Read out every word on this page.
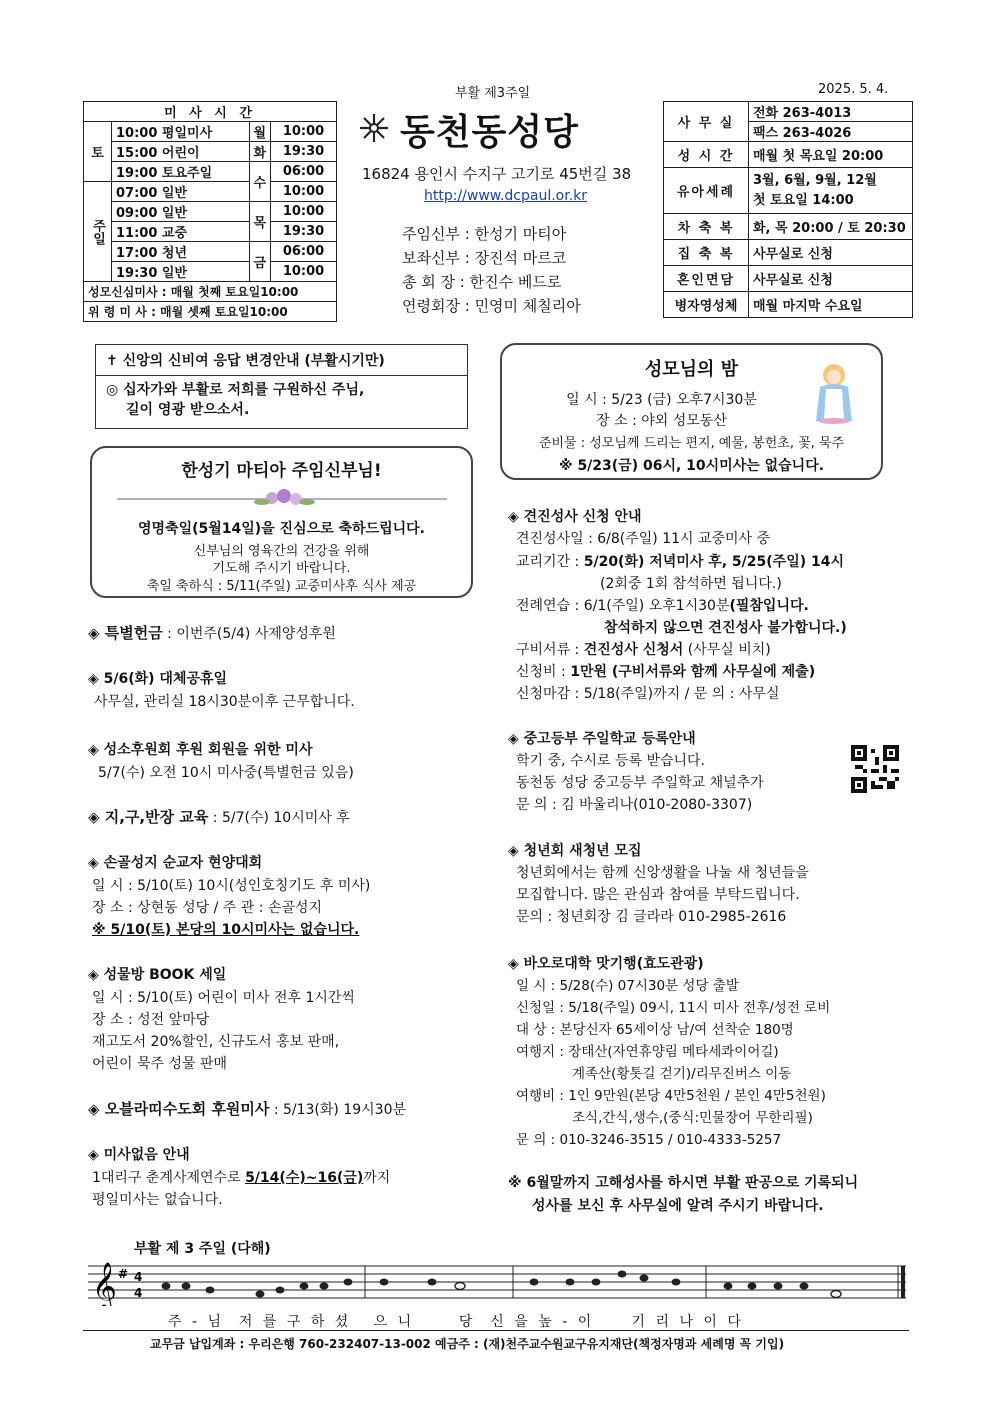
부활 제3주일	2025. 5. 4.
미 사 시 간			
토	10:00 평일미사	월	10:00
	15:00 어린이	화	19:30
	19:00 토요주일	수	06:00
주일	07:00 일반		10:00
	09:00 일반	목	10:00
	11:00 교중		19:30
	17:00 청년	금	06:00
	19:30 일반		10:00
성모신심미사 : 매월 첫째 토요일10:00			
위 령 미 사 : 매월 셋째 토요일10:00			
동천동성당
16824 용인시 수지구 고기로 45번길 38
http://www.dcpaul.or.kr
주임신부 : 한성기 마티아
보좌신부 : 장진석 마르코
총 회 장 : 한진수 베드로
연령회장 : 민영미 체칠리아
사 무 실	전화 263-4013
	팩스 263-4026
성 시 간	매월 첫 목요일 20:00
유아세례	3월, 6월, 9월, 12월
첫 토요일 14:00

차 축 복	화, 목 20:00 / 토 20:30
집 축 복	사무실로 신청
혼인면담	사무실로 신청
병자영성체	매월 마지막 수요일
✝ 신앙의 신비여 응답 변경안내 (부활시기만)
◎ 십자가와 부활로 저희를 구원하신 주님,
길이 영광 받으소서.
한성기 마티아 주임신부님!
영명축일(5월14일)을 진심으로 축하드립니다.
신부님의 영육간의 건강을 위해
기도해 주시기 바랍니다.
축일 축하식 : 5/11(주일) 교중미사후 식사 제공
성모님의 밤
일 시 : 5/23 (금) 오후7시30분
장 소 : 야외 성모동산
준비물 : 성모님께 드리는 편지, 예물, 봉헌초, 꽃, 묵주
※ 5/23(금) 06시, 10시미사는 없습니다.
◈ 특별헌금 : 이번주(5/4) 사제양성후원
◈ 5/6(화) 대체공휴일
사무실, 관리실 18시30분이후 근무합니다.
◈ 성소후원회 후원 회원을 위한 미사
5/7(수) 오전 10시 미사중(특별헌금 있음)
◈ 지,구,반장 교육 : 5/7(수) 10시미사 후
◈ 손골성지 순교자 현양대회
일 시 : 5/10(토) 10시(성인호칭기도 후 미사)
장 소 : 상현동 성당 / 주 관 : 손골성지
※ 5/10(토) 본당의 10시미사는 없습니다.
◈ 성물방 BOOK 세일
일 시 : 5/10(토) 어린이 미사 전후 1시간씩
장 소 : 성전 앞마당
재고도서 20%할인, 신규도서 홍보 판매,
어린이 묵주 성물 판매
◈ 오블라띠수도회 후원미사 : 5/13(화) 19시30분
◈ 미사없음 안내
1대리구 춘계사제연수로 5/14(수)~16(금)까지
평일미사는 없습니다.
◈ 견진성사 신청 안내
견진성사일 : 6/8(주일) 11시 교중미사 중
교리기간 : 5/20(화) 저녁미사 후, 5/25(주일) 14시
(2회중 1회 참석하면 됩니다.)
전례연습 : 6/1(주일) 오후1시30분(필참입니다.
참석하지 않으면 견진성사 불가합니다.)
구비서류 : 견진성사 신청서 (사무실 비치)
신청비 : 1만원 (구비서류와 함께 사무실에 제출)
신청마감 : 5/18(주일)까지 / 문 의 : 사무실
◈ 중고등부 주일학교 등록안내
학기 중, 수시로 등록 받습니다.
동천동 성당 중고등부 주일학교 채널추가
문 의 : 김 바울리나(010-2080-3307)
◈ 청년회 새청년 모집
청년회에서는 함께 신앙생활을 나눌 새 청년들을
모집합니다. 많은 관심과 참여를 부탁드립니다.
문의 : 청년회장 김 글라라 010-2985-2616
◈ 바오로대학 맛기행(효도관광)
일 시 : 5/28(수) 07시30분 성당 출발
신청일 : 5/18(주일) 09시, 11시 미사 전후/성전 로비
대 상 : 본당신자 65세이상 남/여 선착순 180명
여행지 : 장태산(자연휴양림 메타세콰이어길)
계족산(황톳길 걷기)/리무진버스 이동
여행비 : 1인 9만원(본당 4만5천원 / 본인 4만5천원)
조식,간식,생수,(중식:민물장어 무한리필)
문 의 : 010-3246-3515 / 010-4333-5257
※ 6월말까지 고해성사를 하시면 부활 판공으로 기록되니
성사를 보신 후 사무실에 알려 주시기 바랍니다.
부활 제 3 주일 (다해)
𝄞 # 4
4
주 - 님  저 를 구 하 셨   으 니      당  신 을 높 - 이     기 리 나 이 다
교무금 납입계좌 : 우리은행 760-232407-13-002 예금주 : (재)천주교수원교구유지재단(책정자명과 세례명 꼭 기입)
